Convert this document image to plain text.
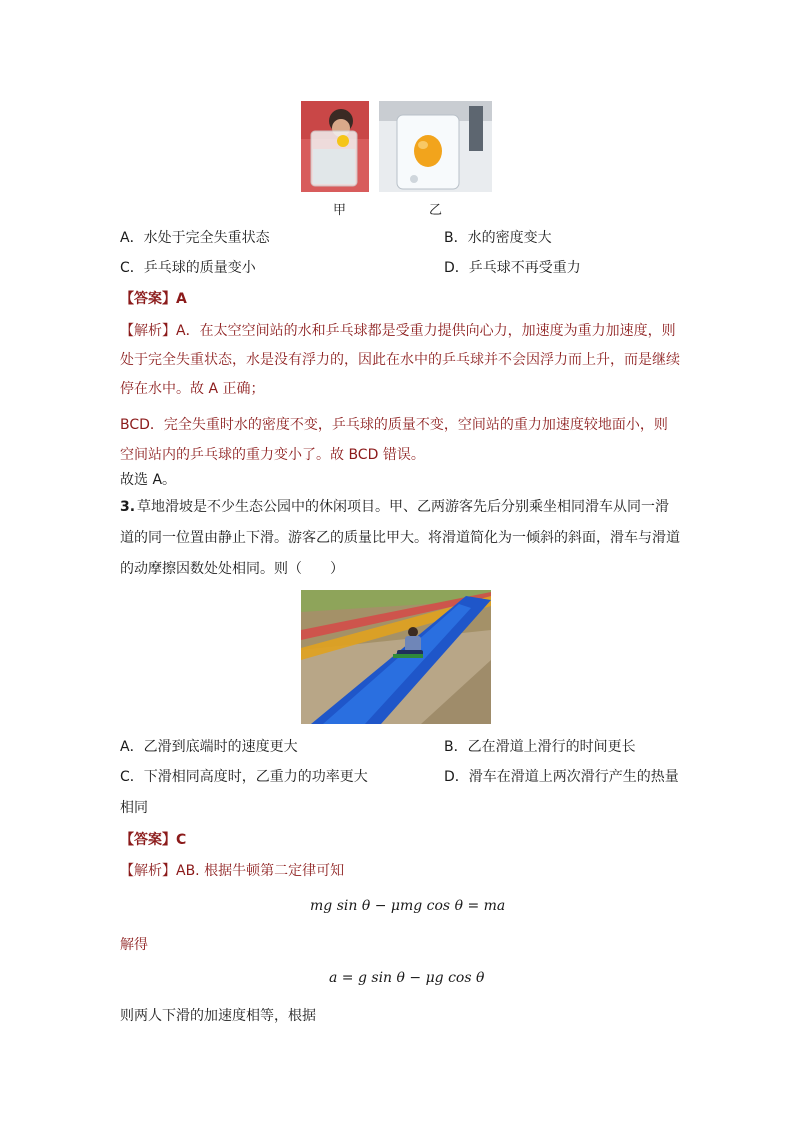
甲	乙
A．水处于完全失重状态	B．水的密度变大
C．乒乓球的质量变小	D．乒乓球不再受重力
【答案】A
【解析】A．在太空空间站的水和乒乓球都是受重力提供向心力，加速度为重力加速度，则
处于完全失重状态，水是没有浮力的，因此在水中的乒乓球并不会因浮力而上升，而是继续
停在水中。故 A 正确；
BCD．完全失重时水的密度不变，乒乓球的质量不变，空间站的重力加速度较地面小，则
空间站内的乒乓球的重力变小了。故 BCD 错误。
故选 A。
3. 草地滑坡是不少生态公园中的休闲项目。甲、乙两游客先后分别乘坐相同滑车从同一滑
道的同一位置由静止下滑。游客乙的质量比甲大。将滑道简化为一倾斜的斜面，滑车与滑道
的动摩擦因数处处相同。则（　　）
A．乙滑到底端时的速度更大	B．乙在滑道上滑行的时间更长
C．下滑相同高度时，乙重力的功率更大	D．滑车在滑道上两次滑行产生的热量
相同
【答案】C
【解析】AB. 根据牛顿第二定律可知
mg sin θ − μmg cos θ = ma
解得
a = g sin θ − μg cos θ
则两人下滑的加速度相等，根据
